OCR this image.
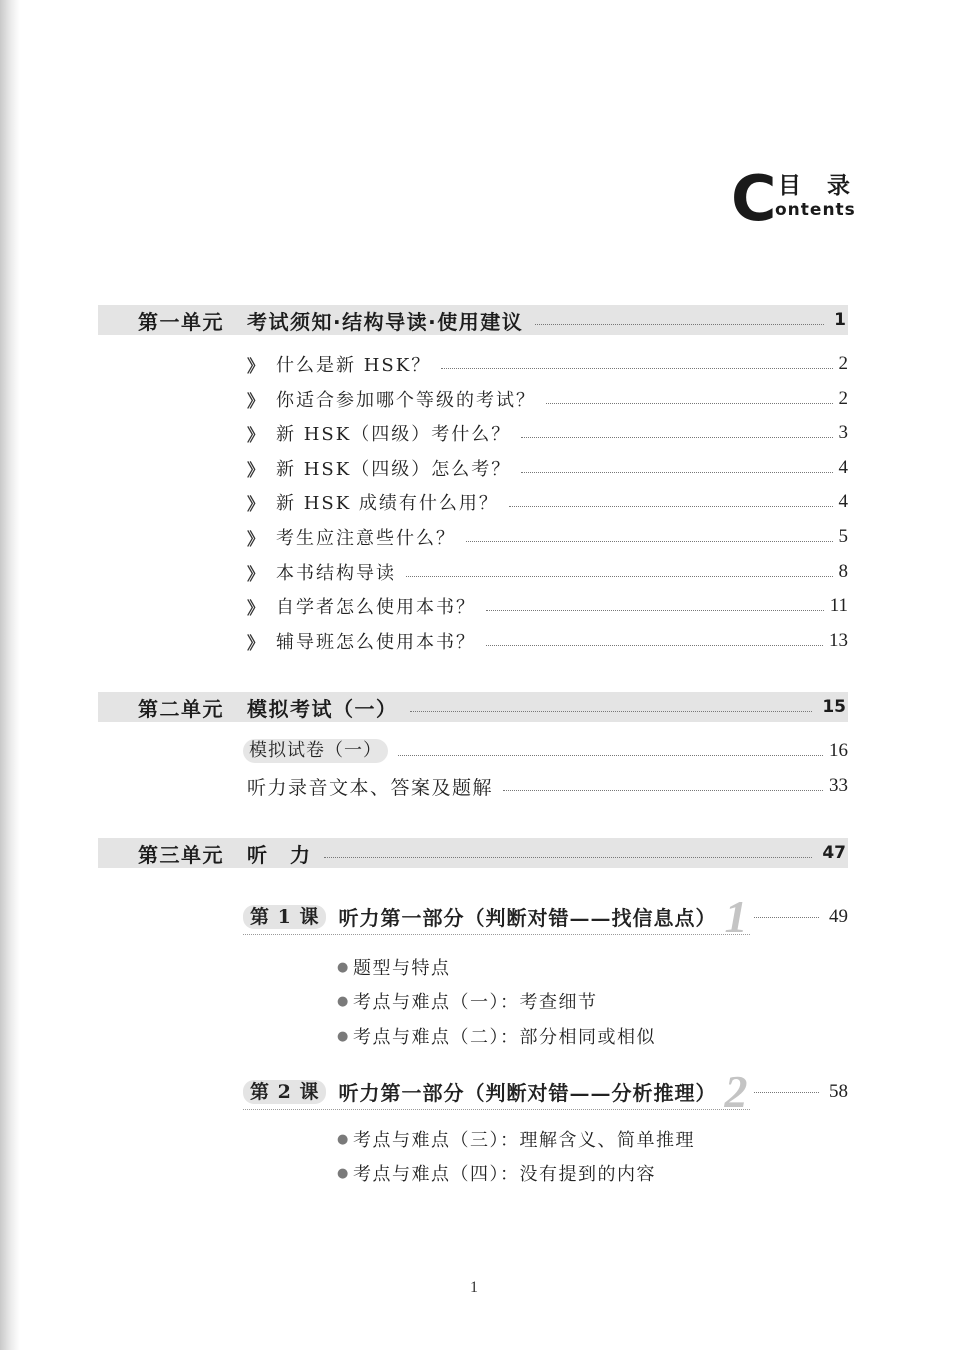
C 目 录
ontents
第一单元	考试须知·结构导读·使用建议	1
》 什么是新 HSK？	2
》 你适合参加哪个等级的考试？	2
》 新 HSK（四级）考什么？	3
》 新 HSK（四级）怎么考？	4
》 新 HSK 成绩有什么用？	4
》 考生应注意些什么？	5
》 本书结构导读	8
》 自学者怎么使用本书？	11
》 辅导班怎么使用本书？	13
第二单元	模拟考试（一）	15
模拟试卷（一）	16
听力录音文本、答案及题解	33
第三单元	听　力	47
第 1 课 听力第一部分（判断对错——找信息点） 1	49
● 题型与特点
● 考点与难点（一）：考查细节
● 考点与难点（二）：部分相同或相似
第 2 课 听力第一部分（判断对错——分析推理） 2	58
● 考点与难点（三）：理解含义、简单推理
● 考点与难点（四）：没有提到的内容
1
